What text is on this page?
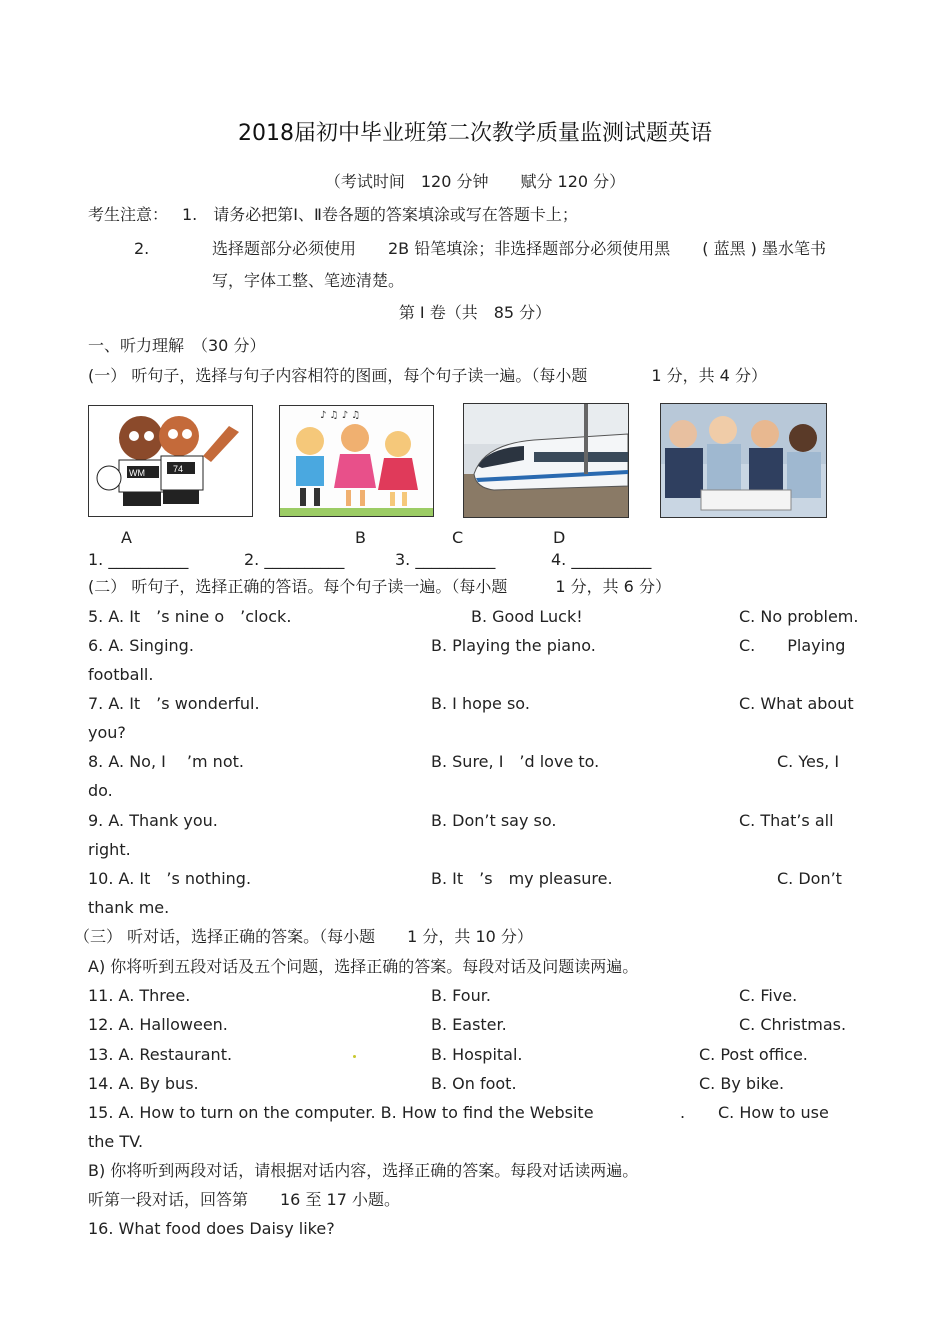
2018届初中毕业班第二次教学质量监测试题英语
（考试时间　120 分钟　　赋分 120 分）
考生注意： 1.　请务必把第Ⅰ、Ⅱ卷各题的答案填涂或写在答题卡上；
2.	选择题部分必须使用　　2B 铅笔填涂；非选择题部分必须使用黑　　( 蓝黑 ) 墨水笔书
写，字体工整、笔迹清楚。
第 I 卷（共　85 分）
一、听力理解　（30 分）
(一） 听句子，选择与句子内容相符的图画，每个句子读一遍。（每小题　　　　1 分，共 4 分）
WM	74
♪ ♫ ♪ ♫
A	B	C	D
1. __________	2. __________	3. __________	4. __________
(二） 听句子，选择正确的答语。每个句子读一遍。（每小题　　　1 分，共 6 分）
5. A. It　’s nine o　’clock.	B. Good Luck!	C. No problem.
6. A. Singing.	B. Playing the piano.	C.　　Playing
football.
7. A. It　’s wonderful.	B. I hope so.	C. What about
you?
8. A. No, I　 ’m not.	B. Sure, I　’d love to.	C. Yes, I
do.
9. A. Thank you.	B. Don’t say so.	C. That’s all
right.
10. A. It　’s nothing.	B. It　’s　my pleasure.	C. Don’t
thank me.
（三） 听对话，选择正确的答案。（每小题　　1 分，共 10 分）
A) 你将听到五段对话及五个问题，选择正确的答案。每段对话及问题读两遍。
11. A. Three.	B. Four.	C. Five.
12. A. Halloween.	B. Easter.	C. Christmas.
13. A. Restaurant.	B. Hospital.	C. Post office.
14. A. By bus.	B. On foot.	C. By bike.
15. A. How to turn on the computer. B. How to find the Website	. C. How to use
the TV.
B) 你将听到两段对话，请根据对话内容，选择正确的答案。每段对话读两遍。
听第一段对话，回答第　　16 至 17 小题。
16. What food does Daisy like?
